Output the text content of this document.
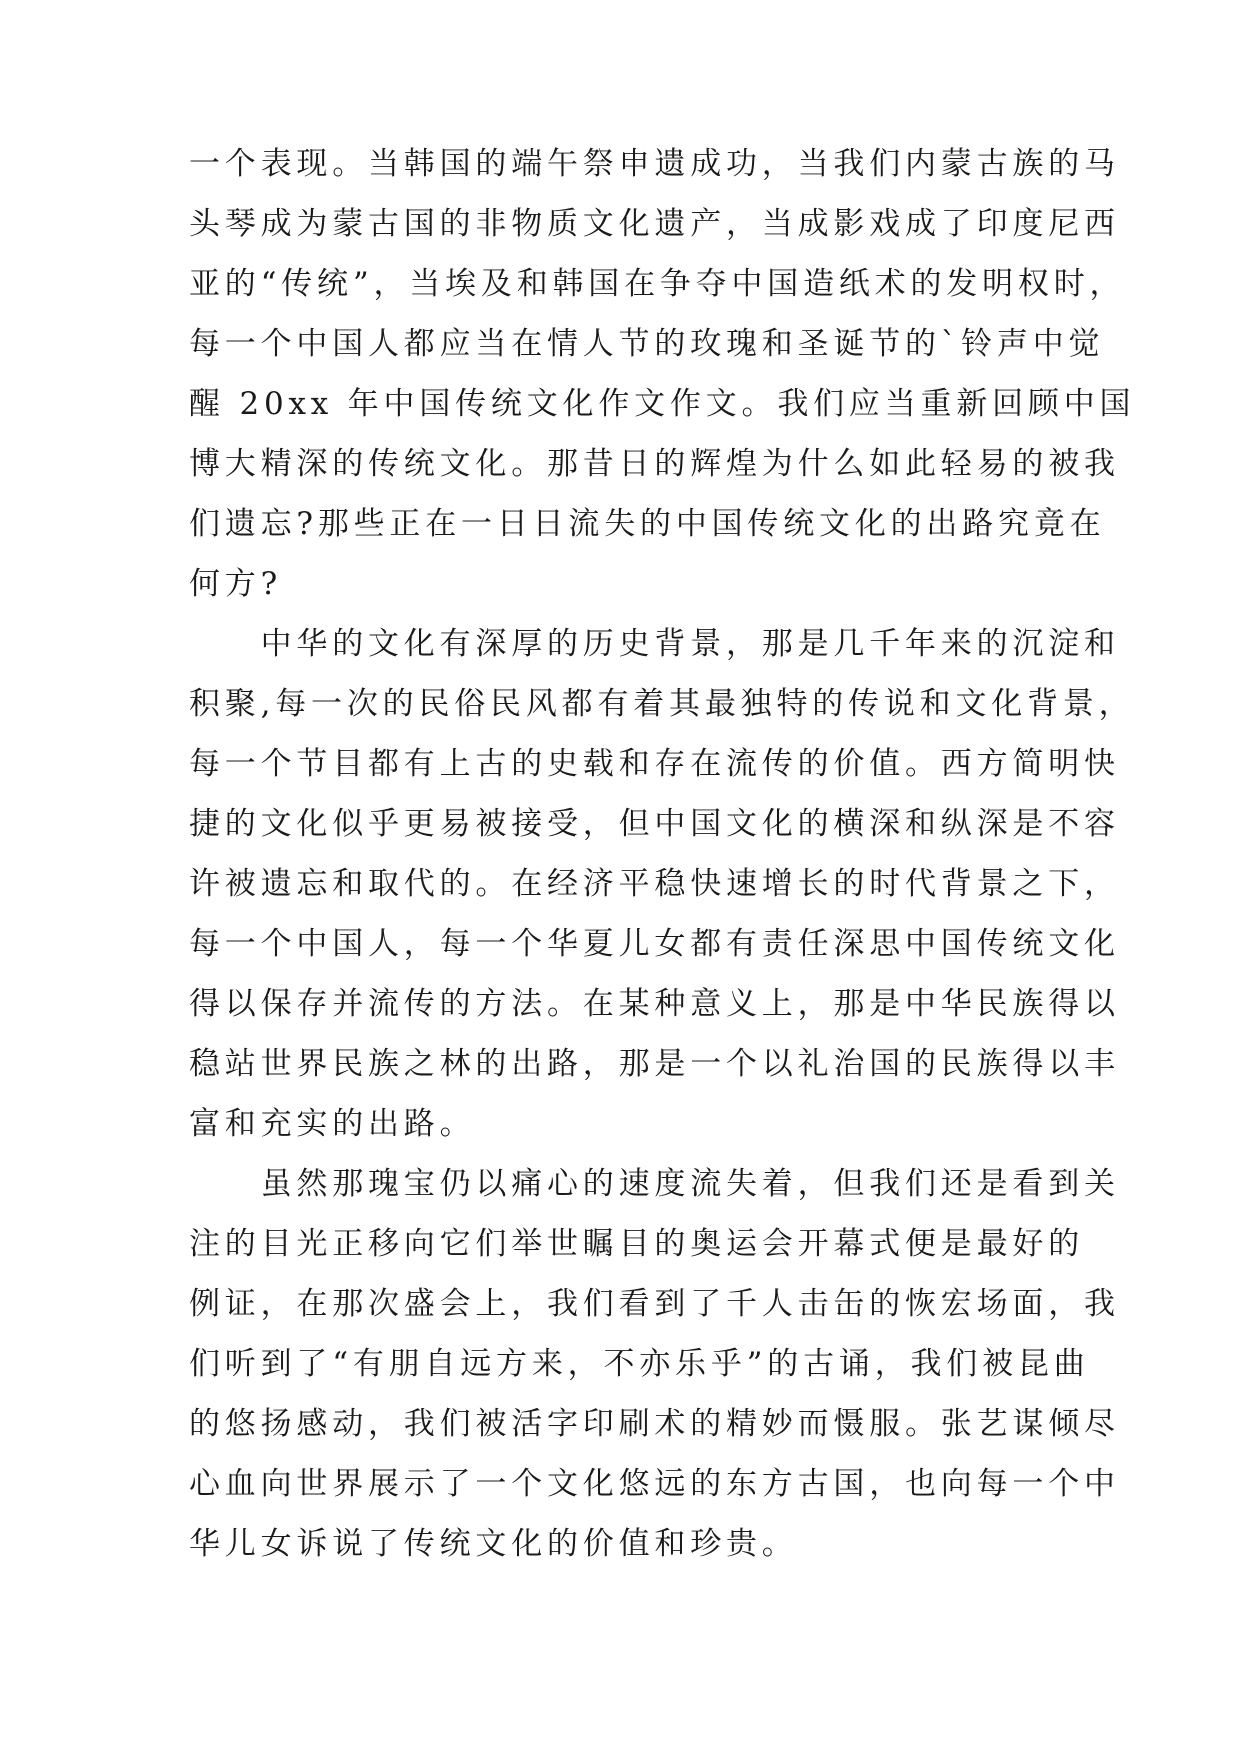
一个表现。当韩国的端午祭申遗成功，当我们内蒙古族的马
头琴成为蒙古国的非物质文化遗产，当成影戏成了印度尼西
亚的“传统”，当埃及和韩国在争夺中国造纸术的发明权时，
每一个中国人都应当在情人节的玫瑰和圣诞节的`铃声中觉
醒 20xx 年中国传统文化作文作文。我们应当重新回顾中国
博大精深的传统文化。那昔日的辉煌为什么如此轻易的被我
们遗忘?那些正在一日日流失的中国传统文化的出路究竟在
何方?
　　中华的文化有深厚的历史背景，那是几千年来的沉淀和
积聚,每一次的民俗民风都有着其最独特的传说和文化背景，
每一个节目都有上古的史载和存在流传的价值。西方简明快
捷的文化似乎更易被接受，但中国文化的横深和纵深是不容
许被遗忘和取代的。在经济平稳快速增长的时代背景之下，
每一个中国人，每一个华夏儿女都有责任深思中国传统文化
得以保存并流传的方法。在某种意义上，那是中华民族得以
稳站世界民族之林的出路，那是一个以礼治国的民族得以丰
富和充实的出路。
　　虽然那瑰宝仍以痛心的速度流失着，但我们还是看到关
注的目光正移向它们举世瞩目的奥运会开幕式便是最好的
例证，在那次盛会上，我们看到了千人击缶的恢宏场面，我
们听到了“有朋自远方来，不亦乐乎”的古诵，我们被昆曲
的悠扬感动，我们被活字印刷术的精妙而慑服。张艺谋倾尽
心血向世界展示了一个文化悠远的东方古国，也向每一个中
华儿女诉说了传统文化的价值和珍贵。
